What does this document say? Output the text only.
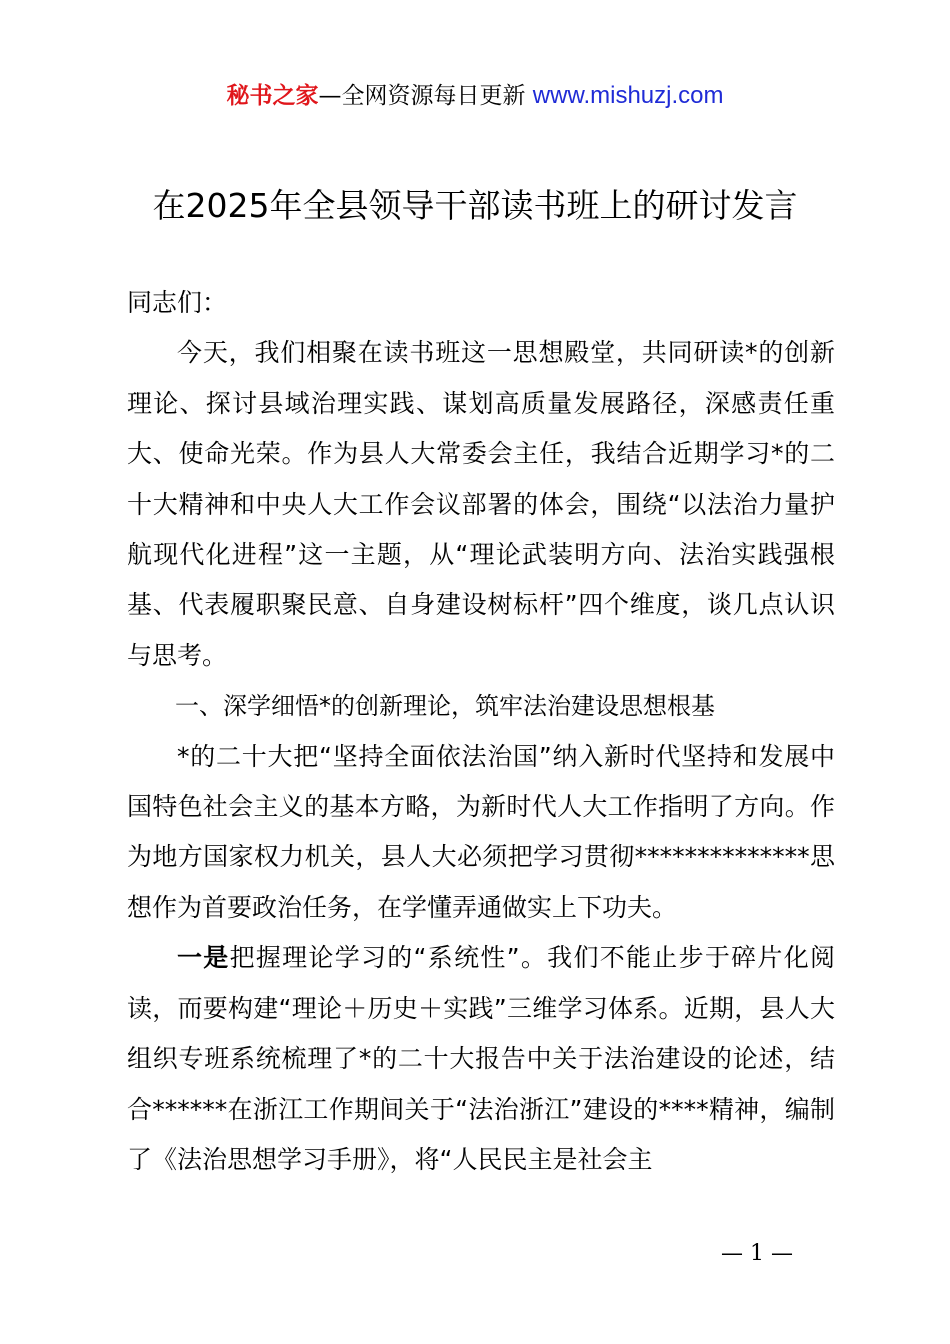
秘书之家—全网资源每日更新 www.mishuzj.com
在2025年全县领导干部读书班上的研讨发言

同志们：

今天，我们相聚在读书班这一思想殿堂，共同研读*的创新理论、探讨县域治理实践、谋划高质量发展路径，深感责任重大、使命光荣。作为县人大常委会主任，我结合近期学习*的二十大精神和中央人大工作会议部署的体会，围绕“以法治力量护航现代化进程”这一主题，从“理论武装明方向、法治实践强根基、代表履职聚民意、自身建设树标杆”四个维度，谈几点认识与思考。

一、深学细悟*的创新理论，筑牢法治建设思想根基

*的二十大把“坚持全面依法治国”纳入新时代坚持和发展中国特色社会主义的基本方略，为新时代人大工作指明了方向。作为地方国家权力机关，县人大必须把学习贯彻**************思想作为首要政治任务，在学懂弄通做实上下功夫。

一是把握理论学习的“系统性”。我们不能止步于碎片化阅读，而要构建“理论＋历史＋实践”三维学习体系。近期，县人大组织专班系统梳理了*的二十大报告中关于法治建设的论述，结合******在浙江工作期间关于“法治浙江”建设的****精神，编制了《法治思想学习手册》，将“人民民主是社会主

— 1 —
